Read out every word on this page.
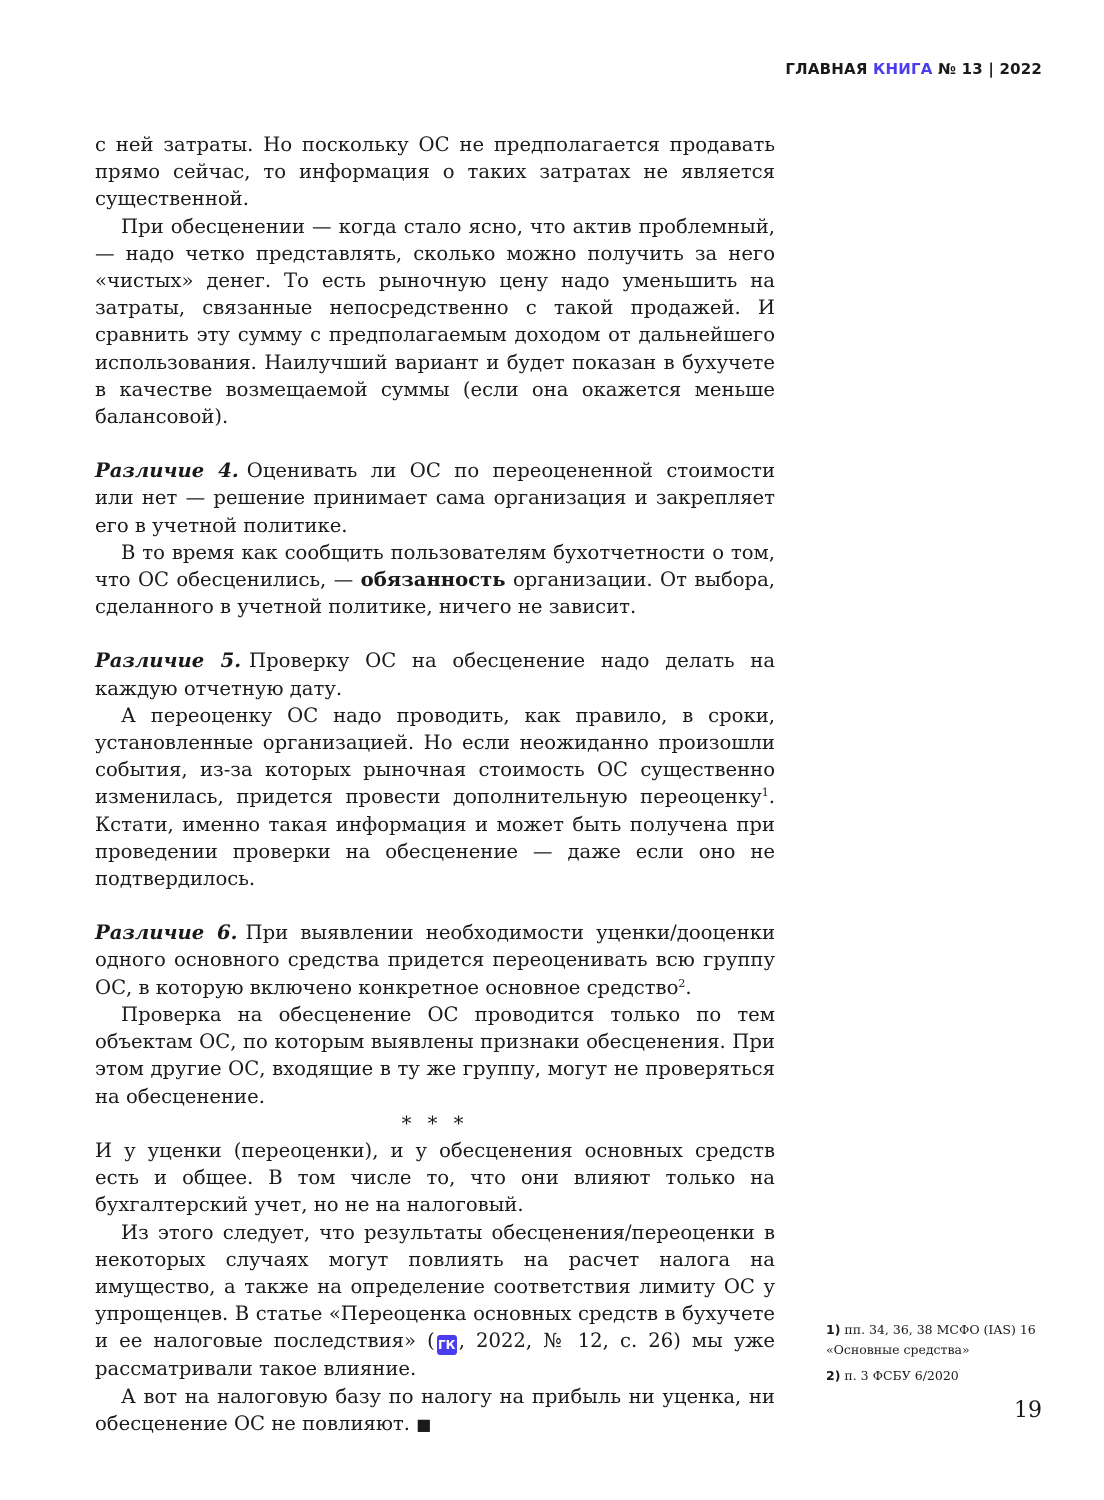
ГЛАВНАЯ КНИГА № 13 | 2022

с ней затраты. Но поскольку ОС не предполагается продавать прямо сейчас, то информация о таких затратах не является существенной.

При обесценении — когда стало ясно, что актив проблемный, — надо четко представлять, сколько можно получить за него «чистых» денег. То есть рыночную цену надо уменьшить на затраты, связанные непосредственно с такой продажей. И сравнить эту сумму с предполагаемым доходом от дальнейшего использования. Наилучший вариант и будет показан в бухучете в качестве возмещаемой суммы (если она окажется меньше балансовой).

Различие 4. Оценивать ли ОС по переоцененной стоимости или нет — решение принимает сама организация и закрепляет его в учетной политике.

В то время как сообщить пользователям бухотчетности о том, что ОС обесценились, — обязанность организации. От выбора, сделанного в учетной политике, ничего не зависит.

Различие 5. Проверку ОС на обесценение надо делать на каждую отчетную дату.

А переоценку ОС надо проводить, как правило, в сроки, установленные организацией. Но если неожиданно произошли события, из-за которых рыночная стоимость ОС существенно изменилась, придется провести дополнительную переоценку$^1$. Кстати, именно такая информация и может быть получена при проведении проверки на обесценение — даже если оно не подтвердилось.

Различие 6. При выявлении необходимости уценки/дооценки одного основного средства придется переоценивать всю группу ОС, в которую включено конкретное основное средство$^2$.

Проверка на обесценение ОС проводится только по тем объектам ОС, по которым выявлены признаки обесценения. При этом другие ОС, входящие в ту же группу, могут не проверяться на обесценение.

* * *

И у уценки (переоценки), и у обесценения основных средств есть и общее. В том числе то, что они влияют только на бухгалтерский учет, но не на налоговый.

Из этого следует, что результаты обесценения/переоценки в некоторых случаях могут повлиять на расчет налога на имущество, а также на определение соответствия лимиту ОС у упрощенцев. В статье «Переоценка основных средств в бухучете и ее налоговые последствия» ( ГК , 2022, № 12, с. 26) мы уже рассматривали такое влияние.

А вот на налоговую базу по налогу на прибыль ни уценка, ни обесценение ОС не повлияют. ■

1) пп. 34, 36, 38 МСФО (IAS) 16 «Основные средства»

2) п. 3 ФСБУ 6/2020

19
